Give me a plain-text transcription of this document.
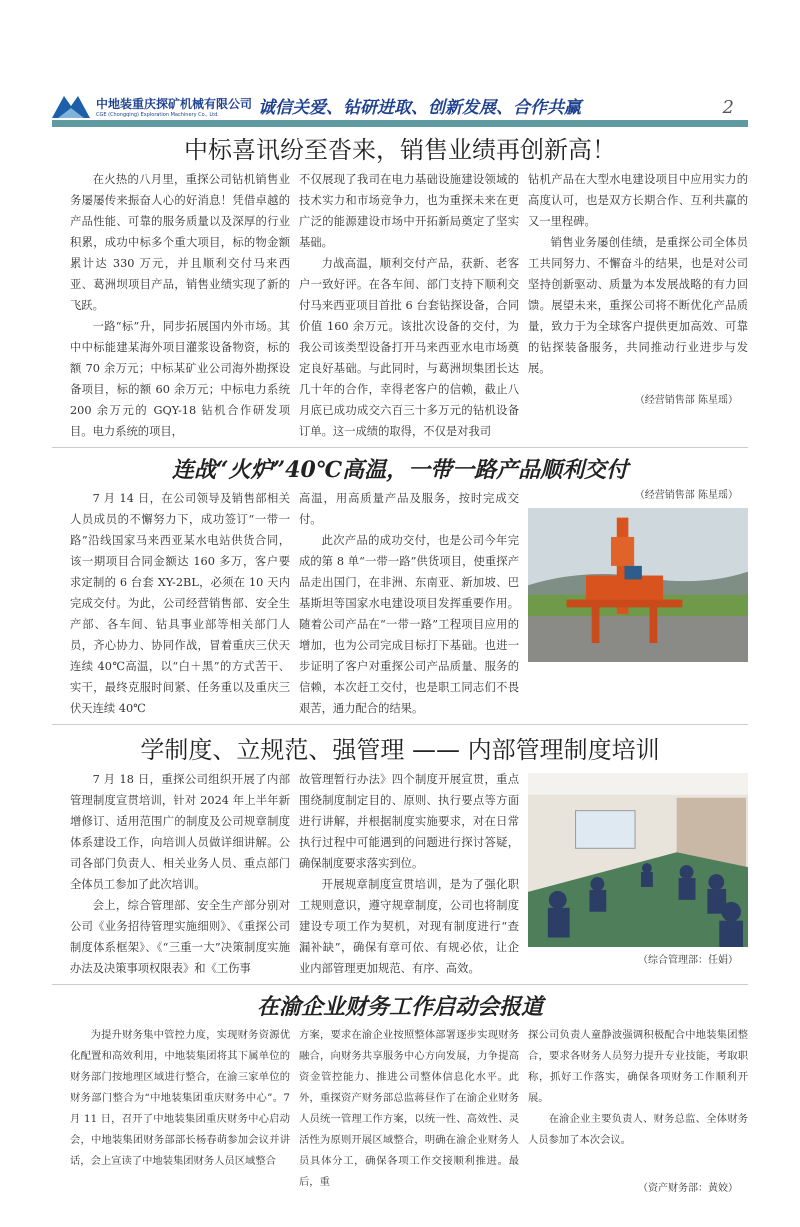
中地装重庆探矿机械有限公司
CGE (Chongqing) Exploration Machinery Co., Ltd.	诚信关爱、钻研进取、创新发展、合作共赢	2
中标喜讯纷至沓来，销售业绩再创新高！

在火热的八月里，重探公司钻机销售业务屡屡传来振奋人心的好消息！凭借卓越的产品性能、可靠的服务质量以及深厚的行业积累，成功中标多个重大项目，标的物金额累计达 330 万元，并且顺利交付马来西亚、葛洲坝项目产品，销售业绩实现了新的飞跃。

一路“标”升，同步拓展国内外市场。其中中标能建某海外项目灌浆设备物资，标的额 70 余万元；中标某矿业公司海外勘探设备项目，标的额 60 余万元；中标电力系统 200 余万元的 GQY-18 钻机合作研发项目。电力系统的项目，

不仅展现了我司在电力基础设施建设领域的技术实力和市场竞争力，也为重探未来在更广泛的能源建设市场中开拓新局奠定了坚实基础。

力战高温，顺利交付产品，获新、老客户一致好评。在各车间、部门支持下顺利交付马来西亚项目首批 6 台套钻探设备，合同价值 160 余万元。该批次设备的交付，为我公司该类型设备打开马来西亚水电市场奠定良好基础。与此同时，与葛洲坝集团长达几十年的合作，幸得老客户的信赖，截止八月底已成功成交六百三十多万元的钻机设备订单。这一成绩的取得，不仅是对我司

钻机产品在大型水电建设项目中应用实力的高度认可，也是双方长期合作、互利共赢的又一里程碑。

销售业务屡创佳绩，是重探公司全体员工共同努力、不懈奋斗的结果，也是对公司坚持创新驱动、质量为本发展战略的有力回馈。展望未来，重探公司将不断优化产品质量，致力于为全球客户提供更加高效、可靠的钻探装备服务，共同推动行业进步与发展。

（经营销售部 陈星瑶）
连战“火炉”40℃高温，一带一路产品顺利交付

7 月 14 日，在公司领导及销售部相关人员成员的不懈努力下，成功签订“一带一路”沿线国家马来西亚某水电站供货合同，该一期项目合同金额达 160 多万，客户要求定制的 6 台套 XY-2BL，必须在 10 天内完成交付。为此，公司经营销售部、安全生产部、各车间、钻具事业部等相关部门人员，齐心协力、协同作战，冒着重庆三伏天连续 40℃高温，以“白＋黑”的方式苦干、实干，最终克服时间紧、任务重以及重庆三伏天连续 40℃

高温，用高质量产品及服务，按时完成交付。

此次产品的成功交付，也是公司今年完成的第 8 单“一带一路”供货项目，使重探产品走出国门，在非洲、东南亚、新加坡、巴基斯坦等国家水电建设项目发挥重要作用。随着公司产品在“一带一路”工程项目应用的增加，也为公司完成目标打下基础。也进一步证明了客户对重探公司产品质量、服务的信赖，本次赶工交付，也是职工同志们不畏艰苦，通力配合的结果。

（经营销售部 陈星瑶）
学制度、立规范、强管理 —— 内部管理制度培训

7 月 18 日，重探公司组织开展了内部管理制度宣贯培训，针对 2024 年上半年新增修订、适用范围广的制度及公司规章制度体系建设工作，向培训人员做详细讲解。公司各部门负责人、相关业务人员、重点部门全体员工参加了此次培训。

会上，综合管理部、安全生产部分别对公司《业务招待管理实施细则》、《重探公司制度体系框架》、《“三重一大”决策制度实施办法及决策事项权限表》和《工伤事

故管理暂行办法》四个制度开展宣贯，重点围绕制度制定目的、原则、执行要点等方面进行讲解，并根据制度实施要求，对在日常执行过程中可能遇到的问题进行探讨答疑，确保制度要求落实到位。

开展规章制度宣贯培训，是为了强化职工规则意识，遵守规章制度，公司也将制度建设专项工作为契机，对现有制度进行“查漏补缺”，确保有章可依、有规必依，让企业内部管理更加规范、有序、高效。

（综合管理部：任娟）
在渝企业财务工作启动会报道

为提升财务集中管控力度，实现财务资源优化配置和高效利用，中地装集团将其下属单位的财务部门按地理区域进行整合，在渝三家单位的财务部门整合为“中地装集团重庆财务中心”。7 月 11 日，召开了中地装集团重庆财务中心启动会，中地装集团财务部部长杨春萌参加会议并讲话，会上宣读了中地装集团财务人员区域整合

方案，要求在渝企业按照整体部署逐步实现财务融合，向财务共享服务中心方向发展，力争提高资金管控能力、推进公司整体信息化水平。此外，重探资产财务部总监蒋昼作了在渝企业财务人员统一管理工作方案，以统一性、高效性、灵活性为原则开展区域整合，明确在渝企业财务人员具体分工，确保各项工作交接顺利推进。最后，重

探公司负责人童静波强调积极配合中地装集团整合，要求各财务人员努力提升专业技能，考取职称，抓好工作落实，确保各项财务工作顺利开展。

在渝企业主要负责人、财务总监、全体财务人员参加了本次会议。

（资产财务部：黄姣）
